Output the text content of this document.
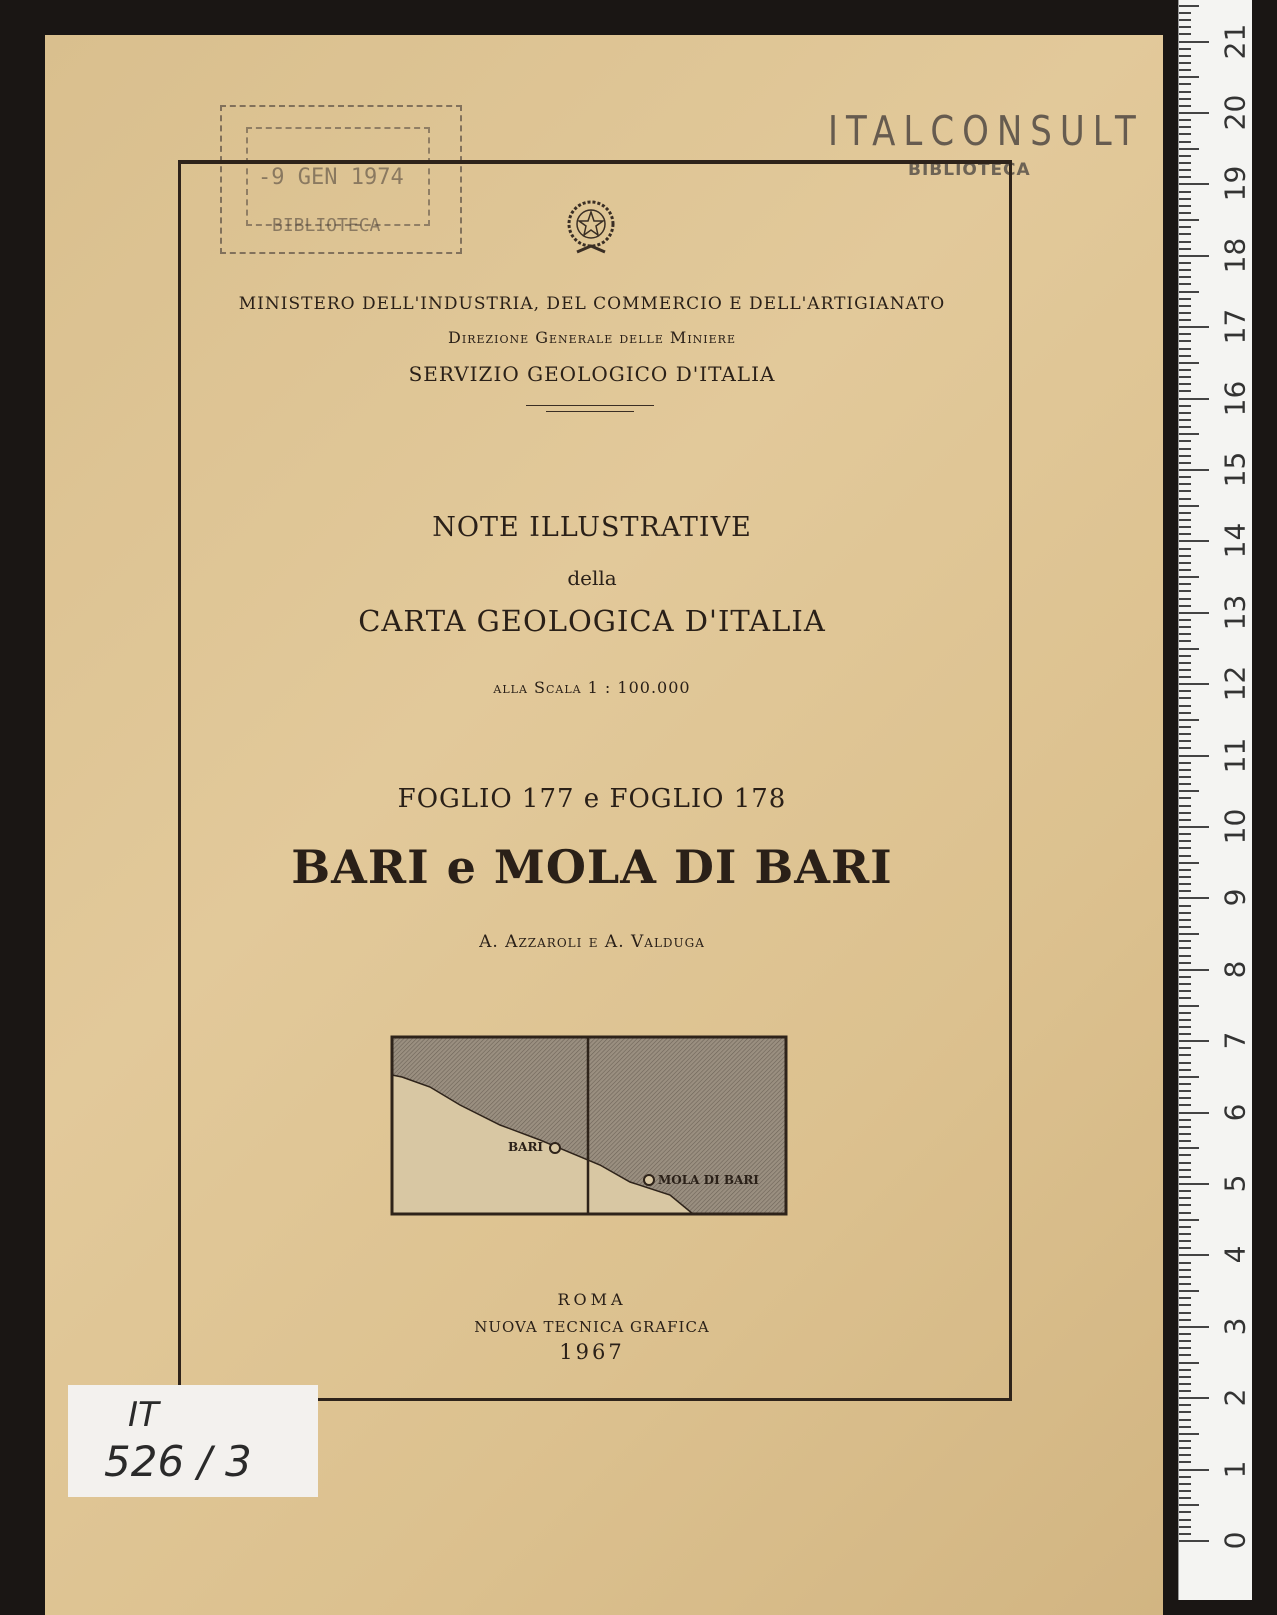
-9 GEN 1974
BIBLIOTECA
ITALCONSULT
BIBLIOTECA
MINISTERO DELL'INDUSTRIA, DEL COMMERCIO E DELL'ARTIGIANATO
Direzione Generale delle Miniere
SERVIZIO GEOLOGICO D'ITALIA
NOTE ILLUSTRATIVE
della
CARTA GEOLOGICA D'ITALIA
alla Scala 1 : 100.000
FOGLIO 177 e FOGLIO 178
BARI e MOLA DI BARI
A. Azzaroli e A. Valduga
BARI
MOLA DI BARI
ROMA
NUOVA TECNICA GRAFICA
1967
IT
526 / 3
0
1
2
3
4
5
6
7
8
9
10
11
12
13
14
15
16
17
18
19
20
21
